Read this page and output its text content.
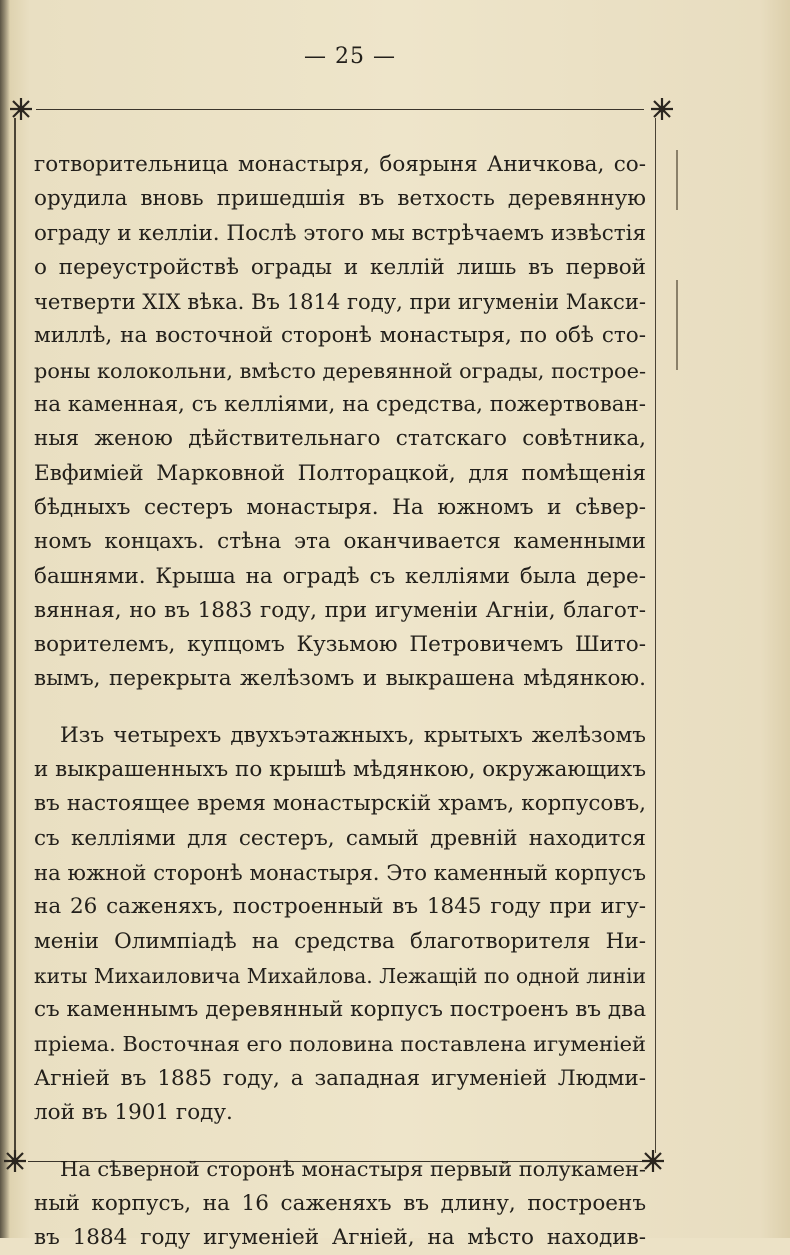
— 25 —
готворительница монастыря, боярыня Аничкова, со-
орудила вновь пришедшія въ ветхость деревянную
ограду и келліи. Послѣ этого мы встрѣчаемъ извѣстія
о переустройствѣ ограды и келлій лишь въ первой
четверти XIX вѣка. Въ 1814 году, при игуменіи Макси-
миллѣ, на восточной сторонѣ монастыря, по обѣ сто-
роны колокольни, вмѣсто деревянной ограды, построе-
на каменная, съ келліями, на средства, пожертвован-
ныя женою дѣйствительнаго статскаго совѣтника,
Евфиміей Марковной Полторацкой, для помѣщенія
бѣдныхъ сестеръ монастыря. На южномъ и сѣвер-
номъ концахъ. стѣна эта оканчивается каменными
башнями. Крыша на оградѣ съ келліями была дере-
вянная, но въ 1883 году, при игуменіи Агніи, благот-
ворителемъ, купцомъ Кузьмою Петровичемъ Шито-
вымъ, перекрыта желѣзомъ и выкрашена мѣдянкою.
Изъ четырехъ двухъэтажныхъ, крытыхъ желѣзомъ
и выкрашенныхъ по крышѣ мѣдянкою, окружающихъ
въ настоящее время монастырскій храмъ, корпусовъ,
съ келліями для сестеръ, самый древній находится
на южной сторонѣ монастыря. Это каменный корпусъ
на 26 саженяхъ, построенный въ 1845 году при игу-
меніи Олимпіадѣ на средства благотворителя Ни-
киты Михаиловича Михайлова. Лежащій по одной линіи
съ каменнымъ деревянный корпусъ построенъ въ два
пріема. Восточная его половина поставлена игуменіей
Агніей въ 1885 году, а западная игуменіей Людми-
лой въ 1901 году.
На сѣверной сторонѣ монастыря первый полукамен-
ный корпусъ, на 16 саженяхъ въ длину, построенъ
въ 1884 году игуменіей Агніей, на мѣсто находив-
